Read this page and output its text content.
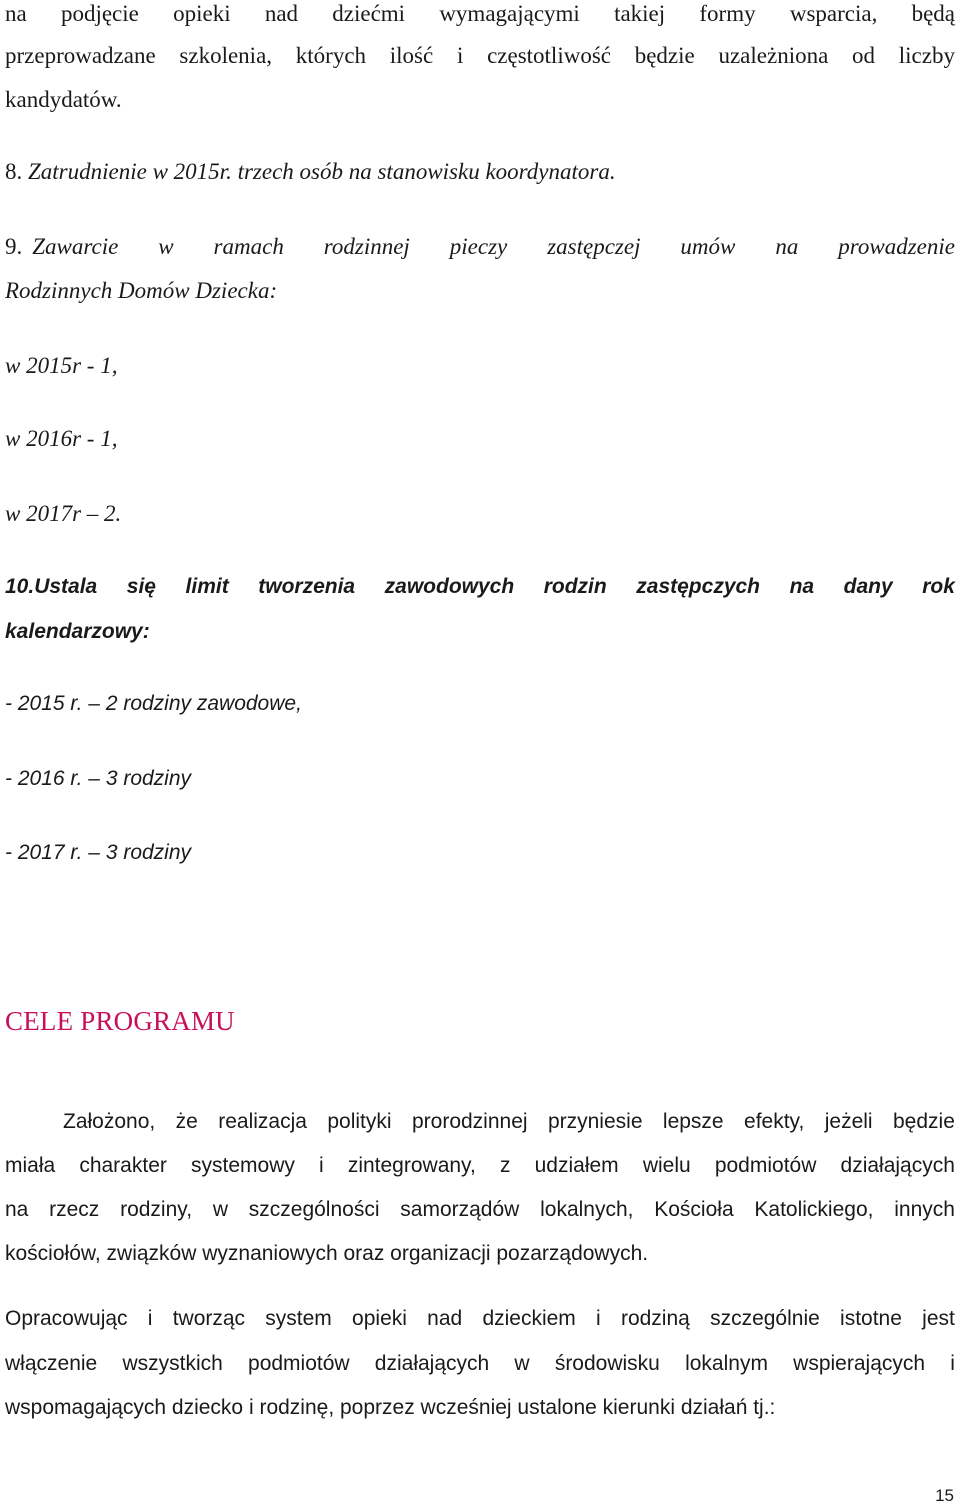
na podjęcie opieki nad dziećmi wymagającymi takiej formy wsparcia, będą
przeprowadzane szkolenia, których ilość i częstotliwość będzie uzależniona od liczby
kandydatów.
8. Zatrudnienie w 2015r. trzech osób na stanowisku koordynatora.
9. Zawarcie w ramach rodzinnej pieczy zastępczej umów na prowadzenie
Rodzinnych Domów Dziecka:
w 2015r - 1,
w 2016r - 1,
w 2017r – 2.
10. Ustala się limit tworzenia zawodowych rodzin zastępczych na dany rok
kalendarzowy:
- 2015 r. – 2 rodziny zawodowe,
- 2016 r. – 3 rodziny
- 2017 r. – 3 rodziny
CELE PROGRAMU
Założono, że realizacja polityki prorodzinnej przyniesie lepsze efekty, jeżeli będzie
miała charakter systemowy i zintegrowany, z udziałem wielu podmiotów działających
na rzecz rodziny, w szczególności samorządów lokalnych, Kościoła Katolickiego, innych
kościołów, związków wyznaniowych oraz organizacji pozarządowych.
Opracowując i tworząc system opieki nad dzieckiem i rodziną szczególnie istotne jest
włączenie wszystkich podmiotów działających w środowisku lokalnym wspierających i
wspomagających dziecko i rodzinę, poprzez wcześniej ustalone kierunki działań tj.:
15
